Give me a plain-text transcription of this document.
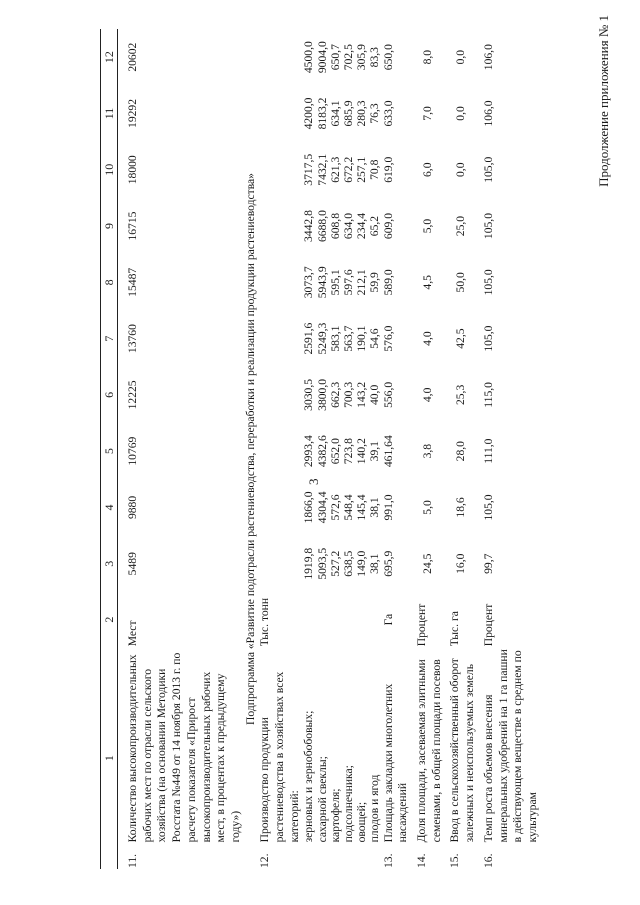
3
Продолжение приложения № 1
1		2	3	4	5	6	7	8	9	10	11	12
11.	Количество высокопроизводительных рабочих мест по отрасли сельского хозяйства (на основании Методики Росстата №449 от 14 ноября 2013 г. по расчету показателя «Прирост высокопроизводительных рабочих мест, в процентах к предыдущему году»)	Мест	5489	9880	10769	12225	13760	15487	16715	18000	19292	20602
Подпрограмма «Развитие подотрасли растениеводства, переработки и реализации продукции растениеводства»												
12.	Производство продукции растениеводства в хозяйствах всех категорий:	Тыс. тонн										
	зерновых и зернобобовых;		1919,8	1866,0	2993,4	3030,5	2591,6	3073,7	3442,8	3717,5	4200,0	4500,0
	сахарной свеклы;		5093,5	4304,4	4382,6	3800,0	5249,3	5943,9	6688,0	7432,1	8183,2	9004,0
	картофеля;		527,2	572,6	652,0	662,3	583,1	595,1	608,8	621,3	634,1	650,7
	подсолнечника;		638,5	548,4	723,8	700,3	563,7	597,6	634,0	672,2	685,9	702,5
	овощей;		149,0	145,4	140,2	143,2	190,1	212,1	234,4	257,1	280,3	305,9
	плодов и ягод		38,1	38,1	39,1	40,0	54,6	59,9	65,2	70,8	76,3	83,3
13.	Площадь закладки многолетних насаждений	Га	695,9	991,0	461,64	556,0	576,0	589,0	609,0	619,0	633,0	650,0
14.	Доля площади, засеваемая элитными семенами, в общей площади посевов	Процент	24,5	5,0	3,8	4,0	4,0	4,5	5,0	6,0	7,0	8,0
15.	Ввод в сельскохозяйственный оборот залежных и неиспользуемых земель	Тыс. га	16,0	18,6	28,0	25,3	42,5	50,0	25,0	0,0	0,0	0,0
16.	Темп роста объемов внесения минеральных удобрений на 1 га пашни в действующем веществе в среднем по культурам	Процент	99,7	105,0	111,0	115,0	105,0	105,0	105,0	105,0	106,0	106,0
